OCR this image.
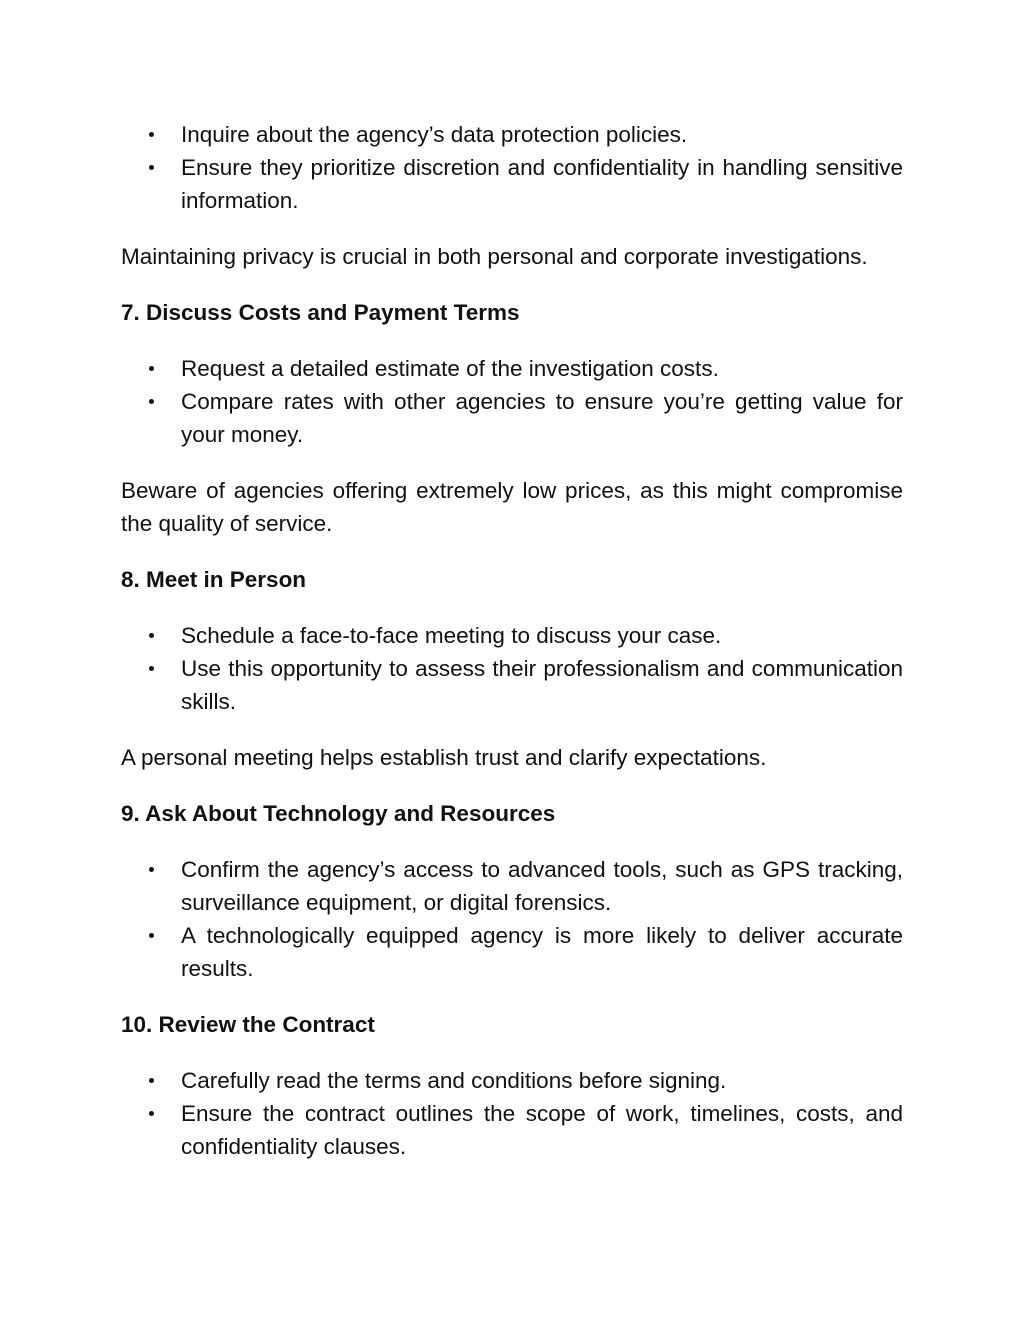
Inquire about the agency’s data protection policies.
Ensure they prioritize discretion and confidentiality in handling sensitive information.

Maintaining privacy is crucial in both personal and corporate investigations.

7. Discuss Costs and Payment Terms
Request a detailed estimate of the investigation costs.
Compare rates with other agencies to ensure you’re getting value for your money.

Beware of agencies offering extremely low prices, as this might compromise the quality of service.

8. Meet in Person
Schedule a face-to-face meeting to discuss your case.
Use this opportunity to assess their professionalism and communication skills.

A personal meeting helps establish trust and clarify expectations.

9. Ask About Technology and Resources
Confirm the agency’s access to advanced tools, such as GPS tracking, surveillance equipment, or digital forensics.
A technologically equipped agency is more likely to deliver accurate results.
10. Review the Contract
Carefully read the terms and conditions before signing.
Ensure the contract outlines the scope of work, timelines, costs, and confidentiality clauses.
